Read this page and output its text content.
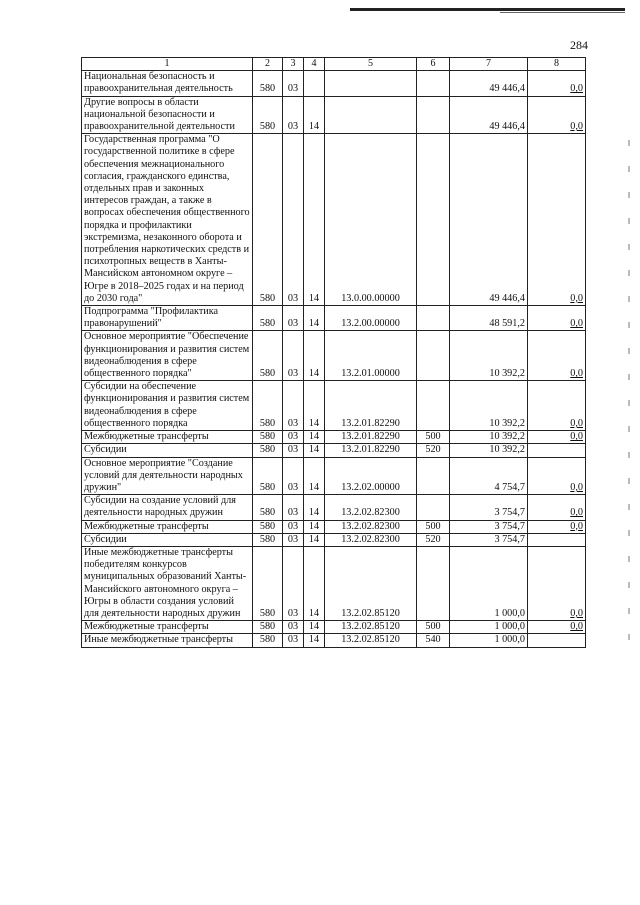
284
1	2	3	4	5	6	7	8
Национальная безопасность и правоохранительная деятельность	580	03				49 446,4	0,0
Другие вопросы в области национальной безопасности и правоохранительной деятельности	580	03	14			49 446,4	0,0
Государственная программа "О государственной политике в сфере обеспечения межнационального согласия, гражданского единства, отдельных прав и законных интересов граждан, а также в вопросах обеспечения общественного порядка и профилактики экстремизма, незаконного оборота и потребления наркотических средств и психотропных веществ в Ханты-Мансийском автономном округе – Югре в 2018–2025 годах и на период до 2030 года"	580	03	14	13.0.00.00000		49 446,4	0,0
Подпрограмма "Профилактика правонарушений"	580	03	14	13.2.00.00000		48 591,2	0,0
Основное мероприятие "Обеспечение функционирования и развития систем видеонаблюдения в сфере общественного порядка"	580	03	14	13.2.01.00000		10 392,2	0,0
Субсидии на обеспечение функционирования и развития систем видеонаблюдения в сфере общественного порядка	580	03	14	13.2.01.82290		10 392,2	0,0
Межбюджетные трансферты	580	03	14	13.2.01.82290	500	10 392,2	0,0
Субсидии	580	03	14	13.2.01.82290	520	10 392,2	
Основное мероприятие "Создание условий для деятельности народных дружин"	580	03	14	13.2.02.00000		4 754,7	0,0
Субсидии на создание условий для деятельности народных дружин	580	03	14	13.2.02.82300		3 754,7	0,0
Межбюджетные трансферты	580	03	14	13.2.02.82300	500	3 754,7	0,0
Субсидии	580	03	14	13.2.02.82300	520	3 754,7	
Иные межбюджетные трансферты победителям конкурсов муниципальных образований Ханты-Мансийского автономного округа – Югры в области создания условий для деятельности народных дружин	580	03	14	13.2.02.85120		1 000,0	0,0
Межбюджетные трансферты	580	03	14	13.2.02.85120	500	1 000,0	0,0
Иные межбюджетные трансферты	580	03	14	13.2.02.85120	540	1 000,0	
